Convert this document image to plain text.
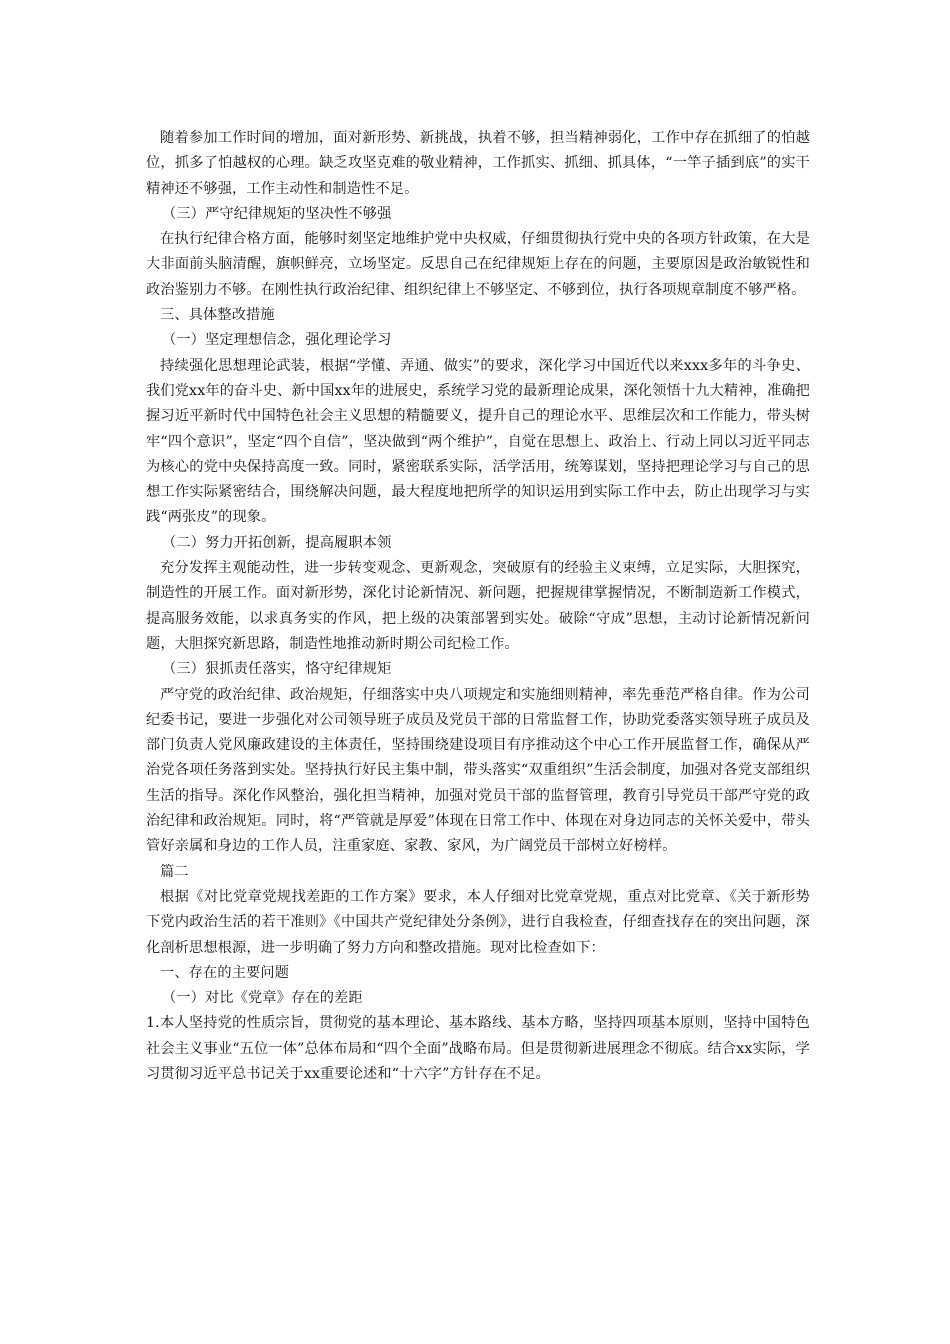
随着参加工作时间的增加，面对新形势、新挑战，执着不够，担当精神弱化，工作中存在抓细了的怕越位，抓多了怕越权的心理。缺乏攻坚克难的敬业精神，工作抓实、抓细、抓具体，“一竿子插到底”的实干精神还不够强，工作主动性和制造性不足。

（三）严守纪律规矩的坚决性不够强

在执行纪律合格方面，能够时刻坚定地维护党中央权威，仔细贯彻执行党中央的各项方针政策，在大是大非面前头脑清醒，旗帜鲜亮，立场坚定。反思自己在纪律规矩上存在的问题，主要原因是政治敏锐性和政治鉴别力不够。在刚性执行政治纪律、组织纪律上不够坚定、不够到位，执行各项规章制度不够严格。

三、具体整改措施

（一）坚定理想信念，强化理论学习

持续强化思想理论武装，根据“学懂、弄通、做实”的要求，深化学习中国近代以来xxx多年的斗争史、我们党xx年的奋斗史、新中国xx年的进展史，系统学习党的最新理论成果，深化领悟十九大精神，准确把握习近平新时代中国特色社会主义思想的精髓要义，提升自己的理论水平、思维层次和工作能力，带头树牢“四个意识”，坚定“四个自信”，坚决做到“两个维护”，自觉在思想上、政治上、行动上同以习近平同志为核心的党中央保持高度一致。同时，紧密联系实际，活学活用，统筹谋划，坚持把理论学习与自己的思想工作实际紧密结合，围绕解决问题，最大程度地把所学的知识运用到实际工作中去，防止出现学习与实践“两张皮”的现象。

（二）努力开拓创新，提高履职本领

充分发挥主观能动性，进一步转变观念、更新观念，突破原有的经验主义束缚，立足实际，大胆探究，制造性的开展工作。面对新形势，深化讨论新情况、新问题，把握规律掌握情况，不断制造新工作模式，提高服务效能，以求真务实的作风，把上级的决策部署到实处。破除“守成”思想，主动讨论新情况新问题，大胆探究新思路，制造性地推动新时期公司纪检工作。

（三）狠抓责任落实，恪守纪律规矩

严守党的政治纪律、政治规矩，仔细落实中央八项规定和实施细则精神，率先垂范严格自律。作为公司纪委书记，要进一步强化对公司领导班子成员及党员干部的日常监督工作，协助党委落实领导班子成员及部门负责人党风廉政建设的主体责任，坚持围绕建设项目有序推动这个中心工作开展监督工作，确保从严治党各项任务落到实处。坚持执行好民主集中制，带头落实“双重组织”生活会制度，加强对各党支部组织生活的指导。深化作风整治，强化担当精神，加强对党员干部的监督管理，教育引导党员干部严守党的政治纪律和政治规矩。同时，将“严管就是厚爱”体现在日常工作中、体现在对身边同志的关怀关爱中，带头管好亲属和身边的工作人员，注重家庭、家教、家风，为广阔党员干部树立好榜样。

篇二

根据《对比党章党规找差距的工作方案》要求，本人仔细对比党章党规，重点对比党章、《关于新形势下党内政治生活的若干准则》《中国共产党纪律处分条例》，进行自我检查，仔细查找存在的突出问题，深化剖析思想根源，进一步明确了努力方向和整改措施。现对比检查如下：

一、存在的主要问题

（一）对比《党章》存在的差距

1.本人坚持党的性质宗旨，贯彻党的基本理论、基本路线、基本方略，坚持四项基本原则，坚持中国特色社会主义事业“五位一体”总体布局和“四个全面”战略布局。但是贯彻新进展理念不彻底。结合xx实际，学习贯彻习近平总书记关于xx重要论述和“十六字”方针存在不足。
